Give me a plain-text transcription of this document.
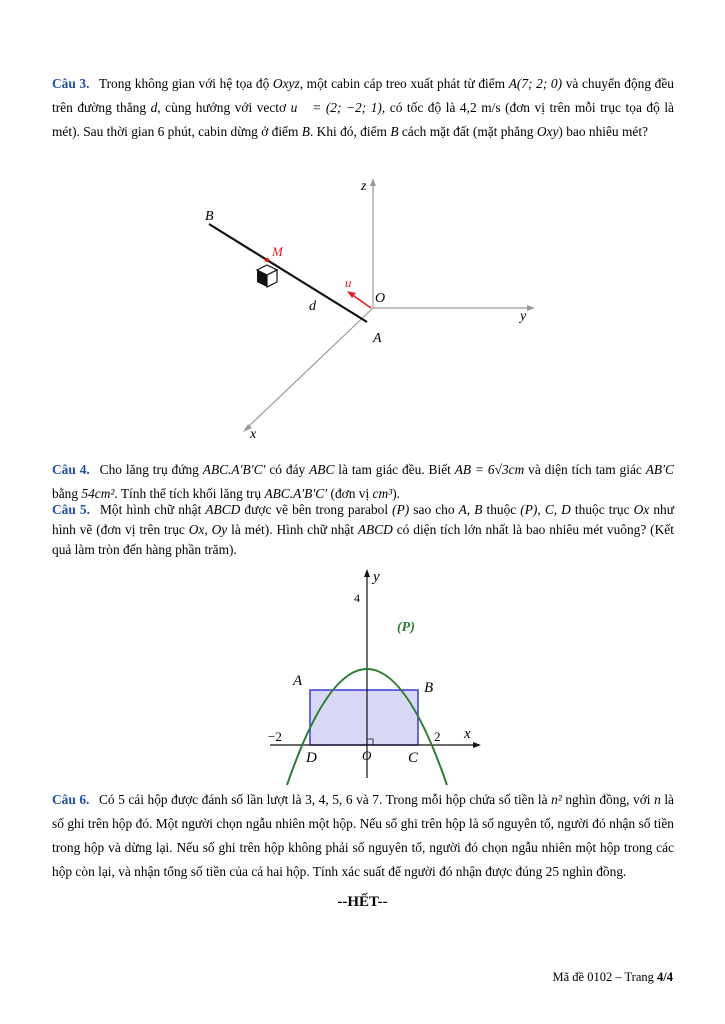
Câu 3. Trong không gian với hệ tọa độ Oxyz, một cabin cáp treo xuất phát từ điểm A(7; 2; 0) và chuyển động đều trên đường thẳng d, cùng hướng với vectơ u⃗ = (2; −2; 1), có tốc độ là 4,2 m/s (đơn vị trên mỗi trục tọa độ là mét). Sau thời gian 6 phút, cabin dừng ở điểm B. Khi đó, điểm B cách mặt đất (mặt phẳng Oxy) bao nhiêu mét?
B
M
d
u
O
A
x
y
z
Câu 4. Cho lăng trụ đứng ABC.A′B′C′ có đáy ABC là tam giác đều. Biết AB = 6√3cm và diện tích tam giác AB′C bằng 54cm². Tính thể tích khối lăng trụ ABC.A′B′C′ (đơn vị cm³).
Câu 5. Một hình chữ nhật ABCD được vẽ bên trong parabol (P) sao cho A, B thuộc (P), C, D thuộc trục Ox như hình vẽ (đơn vị trên trục Ox, Oy là mét). Hình chữ nhật ABCD có diện tích lớn nhất là bao nhiêu mét vuông? (Kết quả làm tròn đến hàng phần trăm).
y
x
4
(P)
A	B
D	C
O
−2	2
Câu 6. Có 5 cái hộp được đánh số lần lượt là 3, 4, 5, 6 và 7. Trong mỗi hộp chứa số tiền là n² nghìn đồng, với n là số ghi trên hộp đó. Một người chọn ngẫu nhiên một hộp. Nếu số ghi trên hộp là số nguyên tố, người đó nhận số tiền trong hộp và dừng lại. Nếu số ghi trên hộp không phải số nguyên tố, người đó chọn ngẫu nhiên một hộp trong các hộp còn lại, và nhận tổng số tiền của cả hai hộp. Tính xác suất để người đó nhận được đúng 25 nghìn đồng.
--HẾT--
Mã đề 0102 – Trang 4/4
